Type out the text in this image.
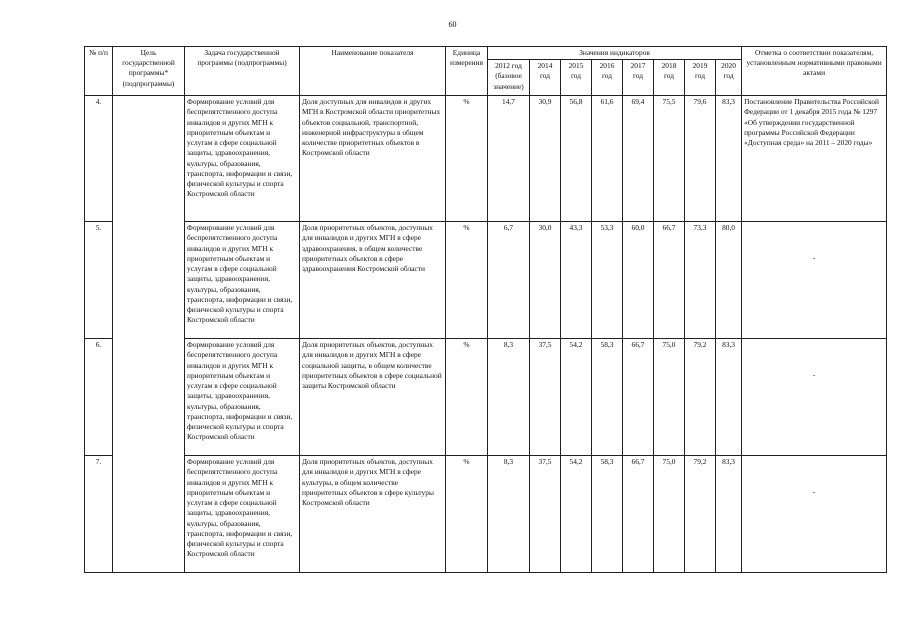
60
№ п/п	Цель государственной программы* (подпрограммы)	Задача государственной программы (подпрограммы)	Наименование показателя	Единица измерения	Значения индикаторов								Отметка о соответствии показателям, установленным нормативными правовыми актами
					2012 год (базовое значение)	2014 год	2015 год	2016 год	2017 год	2018 год	2019 год	2020 год	
4.		Формирование условий для беспрепятственного доступа инвалидов и других МГН к приоритетным объектам и услугам в сфере социальной защиты, здравоохранения, культуры, образования, транспорта, информации и связи, физической культуры и спорта Костромской области	Доля доступных для инвалидов и других МГН в Костромской области приоритетных объектов социальной, транспортной, инженерной инфраструктуры в общем количестве приоритетных объектов в Костромской области	%	14,7	30,9	56,8	61,6	69,4	75,5	79,6	83,3	Постановление Правительства Российской Федерации от 1 декабря 2015 года № 1297 «Об утверждении государственной программы Российской Федерации «Доступная среда» на 2011 – 2020 годы»
5.		Формирование условий для беспрепятственного доступа инвалидов и других МГН к приоритетным объектам и услугам в сфере социальной защиты, здравоохранения, культуры, образования, транспорта, информации и связи, физической культуры и спорта Костромской области	Доля приоритетных объектов, доступных для инвалидов и других МГН в сфере здравоохранения, в общем количестве приоритетных объектов в сфере здравоохранения Костромской области	%	6,7	30,0	43,3	53,3	60,0	66,7	73,3	80,0	-
6.		Формирование условий для беспрепятственного доступа инвалидов и других МГН к приоритетным объектам и услугам в сфере социальной защиты, здравоохранения, культуры, образования, транспорта, информации и связи, физической культуры и спорта Костромской области	Доля приоритетных объектов, доступных для инвалидов и других МГН в сфере социальной защиты, в общем количестве приоритетных объектов в сфере социальной защиты Костромской области	%	8,3	37,5	54,2	58,3	66,7	75,0	79,2	83,3	-
7.		Формирование условий для беспрепятственного доступа инвалидов и других МГН к приоритетным объектам и услугам в сфере социальной защиты, здравоохранения, культуры, образования, транспорта, информации и связи, физической культуры и спорта Костромской области	Доля приоритетных объектов, доступных для инвалидов и других МГН в сфере культуры, в общем количестве приоритетных объектов в сфере культуры Костромской области	%	8,3	37,5	54,2	58,3	66,7	75,0	79,2	83,3	-
